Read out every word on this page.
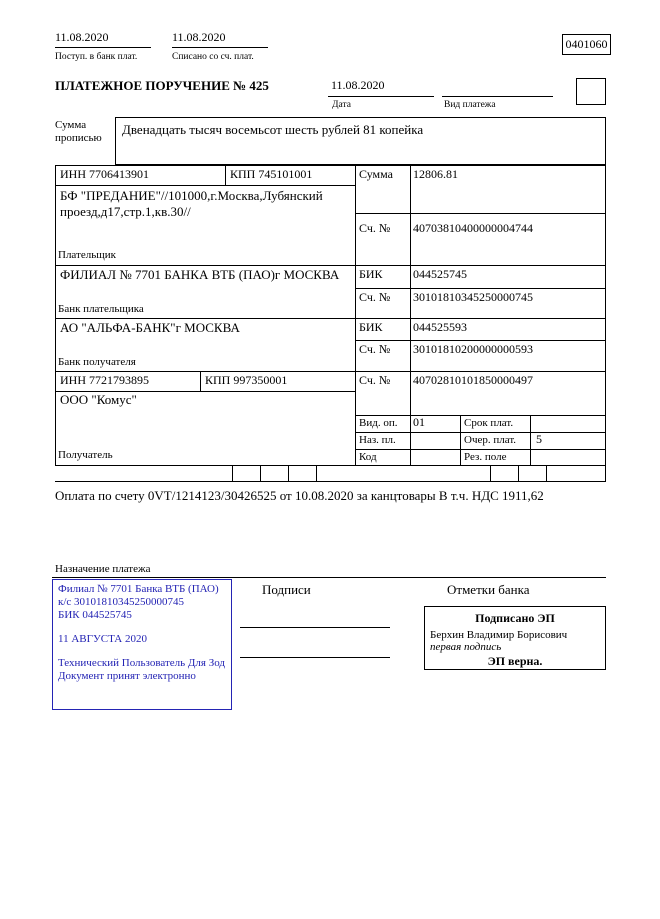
11.08.2020
Поступ. в банк плат.
11.08.2020
Списано со сч. плат.
0401060
ПЛАТЕЖНОЕ ПОРУЧЕНИЕ № 425	11.08.2020
Дата	Вид платежа
Сумма прописью
Двенадцать тысяч восемьсот шесть рублей 81 копейка
ИНН 7706413901	КПП 745101001	Сумма 12806.81
БФ "ПРЕДАНИЕ"//101000,г.Москва,Лубянский проезд,д17,стр.1,кв.30//
Сч. № 40703810400000004744
Плательщик
ФИЛИАЛ № 7701 БАНКА ВТБ (ПАО)г МОСКВА БИК	044525745
Сч. № 30101810345250000745
Банк плательщика
АО "АЛЬФА-БАНК"г МОСКВА	БИК	044525593
Сч. № 30101810200000000593
Банк получателя
ИНН 7721793895	КПП 997350001	Сч. № 40702810101850000497
ООО "Комус"
Получатель
Вид. оп. 01	Срок плат.
Наз. пл.	Очер. плат. 5
Код	Рез. поле
Оплата по счету 0VT/1214123/30426525 от 10.08.2020 за канцтовары В т.ч. НДС 1911,62
Назначение платежа

Филиал № 7701 Банка ВТБ (ПАО)

к/с 30101810345250000745

БИК 044525745

11 АВГУСТА 2020

Технический Пользователь Для Зод

Документ принят электронно

Подписи	Отметки банка
Подписано ЭП
Берхин Владимир Борисович
первая подпись
ЭП верна.
